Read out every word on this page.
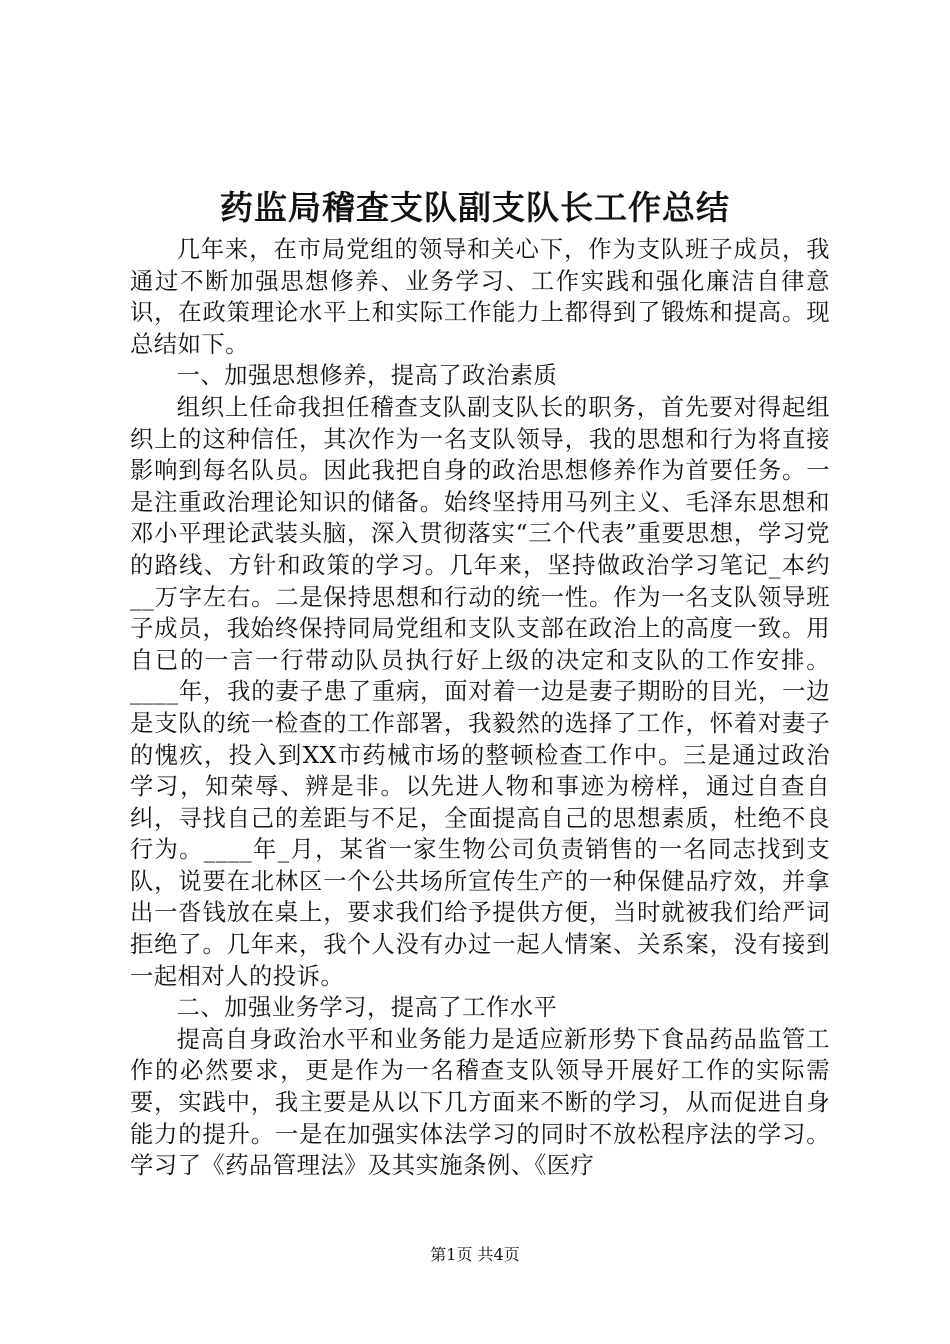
药监局稽查支队副支队长工作总结

几年来，在市局党组的领导和关心下，作为支队班子成员，我通过不断加强思想修养、业务学习、工作实践和强化廉洁自律意识，在政策理论水平上和实际工作能力上都得到了锻炼和提高。现总结如下。

一、加强思想修养，提高了政治素质

组织上任命我担任稽查支队副支队长的职务，首先要对得起组织上的这种信任，其次作为一名支队领导，我的思想和行为将直接影响到每名队员。因此我把自身的政治思想修养作为首要任务。一是注重政治理论知识的储备。始终坚持用马列主义、毛泽东思想和邓小平理论武装头脑，深入贯彻落实“三个代表”重要思想，学习党的路线、方针和政策的学习。几年来，坚持做政治学习笔记_本约__万字左右。二是保持思想和行动的统一性。作为一名支队领导班子成员，我始终保持同局党组和支队支部在政治上的高度一致。用自已的一言一行带动队员执行好上级的决定和支队的工作安排。____年，我的妻子患了重病，面对着一边是妻子期盼的目光，一边是支队的统一检查的工作部署，我毅然的选择了工作，怀着对妻子的愧疚，投入到XX市药械市场的整顿检查工作中。三是通过政治学习，知荣辱、辨是非。以先进人物和事迹为榜样，通过自查自纠，寻找自己的差距与不足，全面提高自己的思想素质，杜绝不良行为。____年_月，某省一家生物公司负责销售的一名同志找到支队，说要在北林区一个公共场所宣传生产的一种保健品疗效，并拿出一沓钱放在桌上，要求我们给予提供方便，当时就被我们给严词拒绝了。几年来，我个人没有办过一起人情案、关系案，没有接到一起相对人的投诉。

二、加强业务学习，提高了工作水平

提高自身政治水平和业务能力是适应新形势下食品药品监管工作的必然要求，更是作为一名稽查支队领导开展好工作的实际需要，实践中，我主要是从以下几方面来不断的学习，从而促进自身能力的提升。一是在加强实体法学习的同时不放松程序法的学习。学习了《药品管理法》及其实施条例、《医疗

第1页 共4页
